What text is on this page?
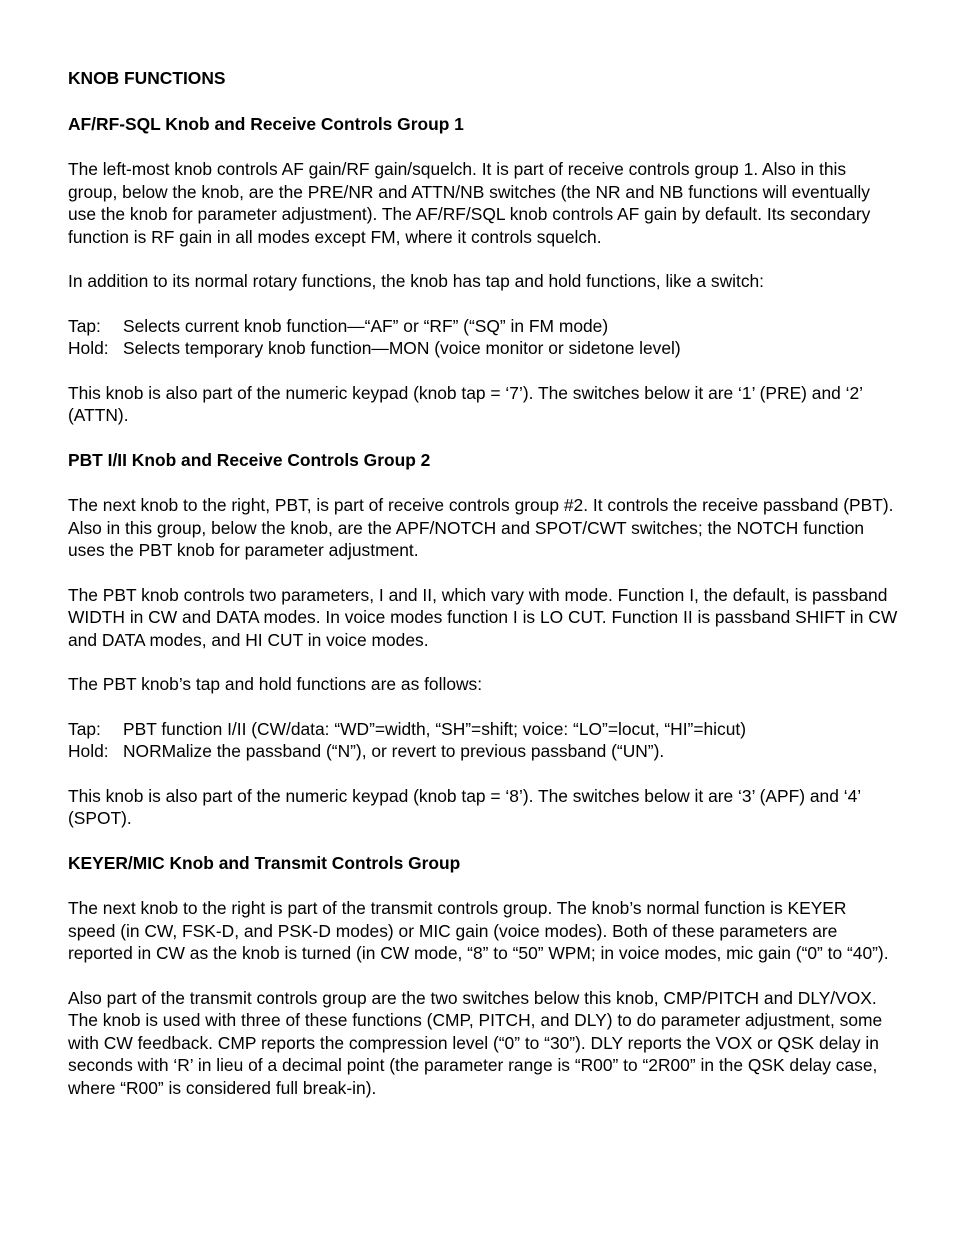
KNOB FUNCTIONS
AF/RF-SQL Knob and Receive Controls Group 1
The left-most knob controls AF gain/RF gain/squelch. It is part of receive controls group 1. Also in this group, below the knob, are the PRE/NR and ATTN/NB switches (the NR and NB functions will eventually use the knob for parameter adjustment). The AF/RF/SQL knob controls AF gain by default. Its secondary function is RF gain in all modes except FM, where it controls squelch.
In addition to its normal rotary functions, the knob has tap and hold functions, like a switch:
Tap:	Selects current knob function—“AF” or “RF” (“SQ” in FM mode)
Hold: Selects temporary knob function—MON (voice monitor or sidetone level)
This knob is also part of the numeric keypad (knob tap = ‘7’). The switches below it are ‘1’ (PRE) and ‘2’ (ATTN).
PBT I/II Knob and Receive Controls Group 2
The next knob to the right, PBT, is part of receive controls group #2. It controls the receive passband (PBT). Also in this group, below the knob, are the APF/NOTCH and SPOT/CWT switches; the NOTCH function uses the PBT knob for parameter adjustment.
The PBT knob controls two parameters, I and II, which vary with mode. Function I, the default, is passband WIDTH in CW and DATA modes. In voice modes function I is LO CUT. Function II is passband SHIFT in CW and DATA modes, and HI CUT in voice modes.
The PBT knob’s tap and hold functions are as follows:
Tap:	PBT function I/II (CW/data: “WD”=width, “SH”=shift; voice: “LO”=locut, “HI”=hicut)
Hold: NORMalize the passband (“N”), or revert to previous passband (“UN”).
This knob is also part of the numeric keypad (knob tap = ‘8’). The switches below it are ‘3’ (APF) and ‘4’ (SPOT).
KEYER/MIC Knob and Transmit Controls Group
The next knob to the right is part of the transmit controls group. The knob’s normal function is KEYER speed (in CW, FSK-D, and PSK-D modes) or MIC gain (voice modes). Both of these parameters are reported in CW as the knob is turned (in CW mode, “8” to “50” WPM; in voice modes, mic gain (“0” to “40”).
Also part of the transmit controls group are the two switches below this knob, CMP/PITCH and DLY/VOX. The knob is used with three of these functions (CMP, PITCH, and DLY) to do parameter adjustment, some with CW feedback. CMP reports the compression level (“0” to “30”). DLY reports the VOX or QSK delay in seconds with ‘R’ in lieu of a decimal point (the parameter range is “R00” to “2R00” in the QSK delay case, where “R00” is considered full break-in).
